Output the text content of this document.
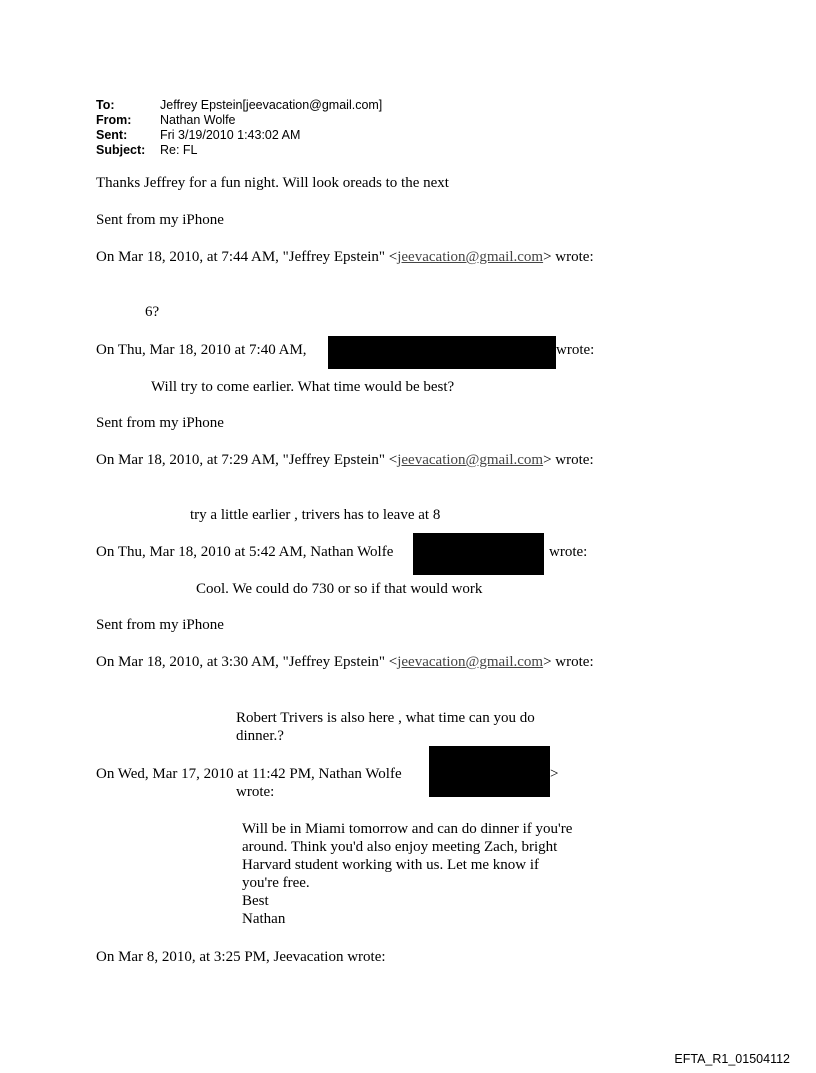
To:	Jeffrey Epstein[jeevacation@gmail.com]
From:	Nathan Wolfe
Sent:	Fri 3/19/2010 1:43:02 AM
Subject:	Re: FL
Thanks Jeffrey for a fun night. Will look oreads to the next
Sent from my iPhone
On Mar 18, 2010, at 7:44 AM, "Jeffrey Epstein" <jeevacation@gmail.com> wrote:
6?
On Thu, Mar 18, 2010 at 7:40 AM,	wrote:
Will try to come earlier. What time would be best?
Sent from my iPhone
On Mar 18, 2010, at 7:29 AM, "Jeffrey Epstein" <jeevacation@gmail.com> wrote:
try a little earlier , trivers has to leave at 8
On Thu, Mar 18, 2010 at 5:42 AM, Nathan Wolfe	wrote:
Cool. We could do 730 or so if that would work
Sent from my iPhone
On Mar 18, 2010, at 3:30 AM, "Jeffrey Epstein" <jeevacation@gmail.com> wrote:
Robert Trivers is also here , what time can you do
dinner.?
On Wed, Mar 17, 2010 at 11:42 PM, Nathan Wolfe	>
wrote:
Will be in Miami tomorrow and can do dinner if you're
around. Think you'd also enjoy meeting Zach, bright
Harvard student working with us. Let me know if
you're free.
Best
Nathan
On Mar 8, 2010, at 3:25 PM, Jeevacation wrote:
EFTA_R1_01504112
